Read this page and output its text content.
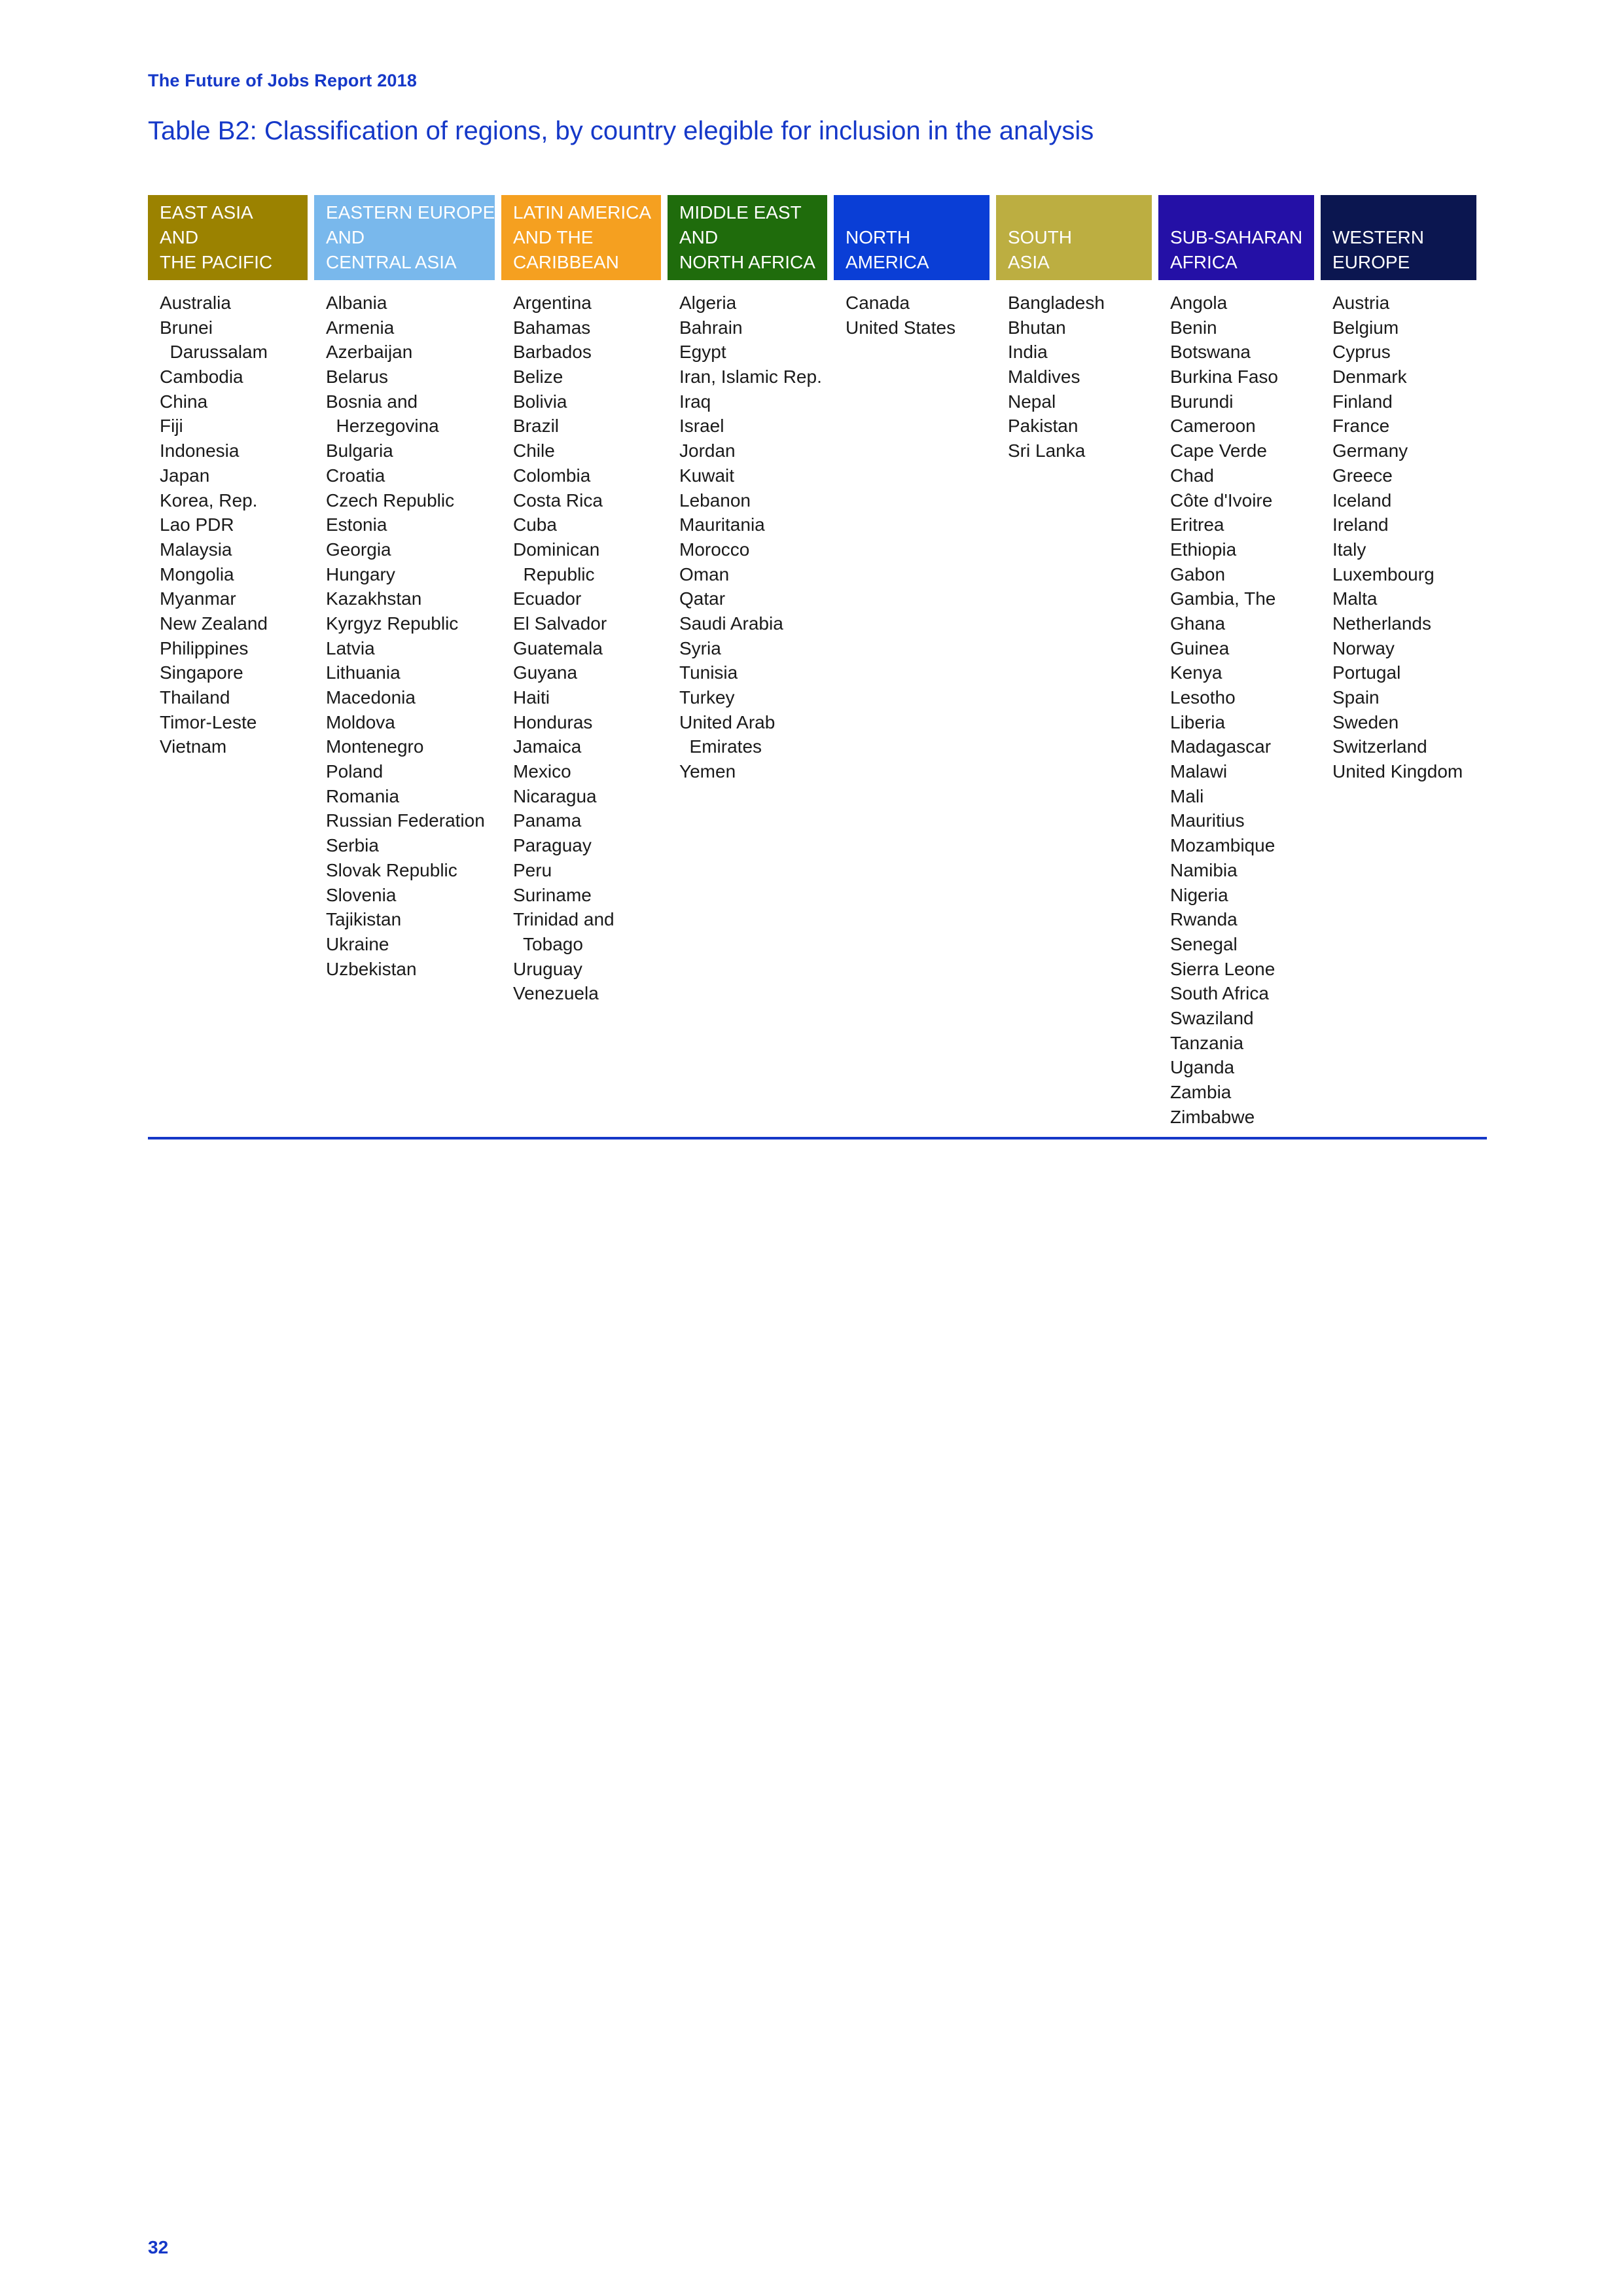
The Future of Jobs Report 2018
Table B2: Classification of regions, by country elegible for inclusion in the analysis
EAST ASIA
AND
THE PACIFIC
EASTERN EUROPE
AND
CENTRAL ASIA
LATIN AMERICA
AND THE
CARIBBEAN
MIDDLE EAST
AND
NORTH AFRICA
NORTH
AMERICA
SOUTH
ASIA
SUB-SAHARAN
AFRICA
WESTERN
EUROPE
Australia
Brunei
Darussalam
Cambodia
China
Fiji
Indonesia
Japan
Korea, Rep.
Lao PDR
Malaysia
Mongolia
Myanmar
New Zealand
Philippines
Singapore
Thailand
Timor-Leste
Vietnam
Albania
Armenia
Azerbaijan
Belarus
Bosnia and
Herzegovina
Bulgaria
Croatia
Czech Republic
Estonia
Georgia
Hungary
Kazakhstan
Kyrgyz Republic
Latvia
Lithuania
Macedonia
Moldova
Montenegro
Poland
Romania
Russian Federation
Serbia
Slovak Republic
Slovenia
Tajikistan
Ukraine
Uzbekistan
Argentina
Bahamas
Barbados
Belize
Bolivia
Brazil
Chile
Colombia
Costa Rica
Cuba
Dominican
Republic
Ecuador
El Salvador
Guatemala
Guyana
Haiti
Honduras
Jamaica
Mexico
Nicaragua
Panama
Paraguay
Peru
Suriname
Trinidad and
Tobago
Uruguay
Venezuela
Algeria
Bahrain
Egypt
Iran, Islamic Rep.
Iraq
Israel
Jordan
Kuwait
Lebanon
Mauritania
Morocco
Oman
Qatar
Saudi Arabia
Syria
Tunisia
Turkey
United Arab
Emirates
Yemen
Canada
United States
Bangladesh
Bhutan
India
Maldives
Nepal
Pakistan
Sri Lanka
Angola
Benin
Botswana
Burkina Faso
Burundi
Cameroon
Cape Verde
Chad
Côte d'Ivoire
Eritrea
Ethiopia
Gabon
Gambia, The
Ghana
Guinea
Kenya
Lesotho
Liberia
Madagascar
Malawi
Mali
Mauritius
Mozambique
Namibia
Nigeria
Rwanda
Senegal
Sierra Leone
South Africa
Swaziland
Tanzania
Uganda
Zambia
Zimbabwe
Austria
Belgium
Cyprus
Denmark
Finland
France
Germany
Greece
Iceland
Ireland
Italy
Luxembourg
Malta
Netherlands
Norway
Portugal
Spain
Sweden
Switzerland
United Kingdom
32
